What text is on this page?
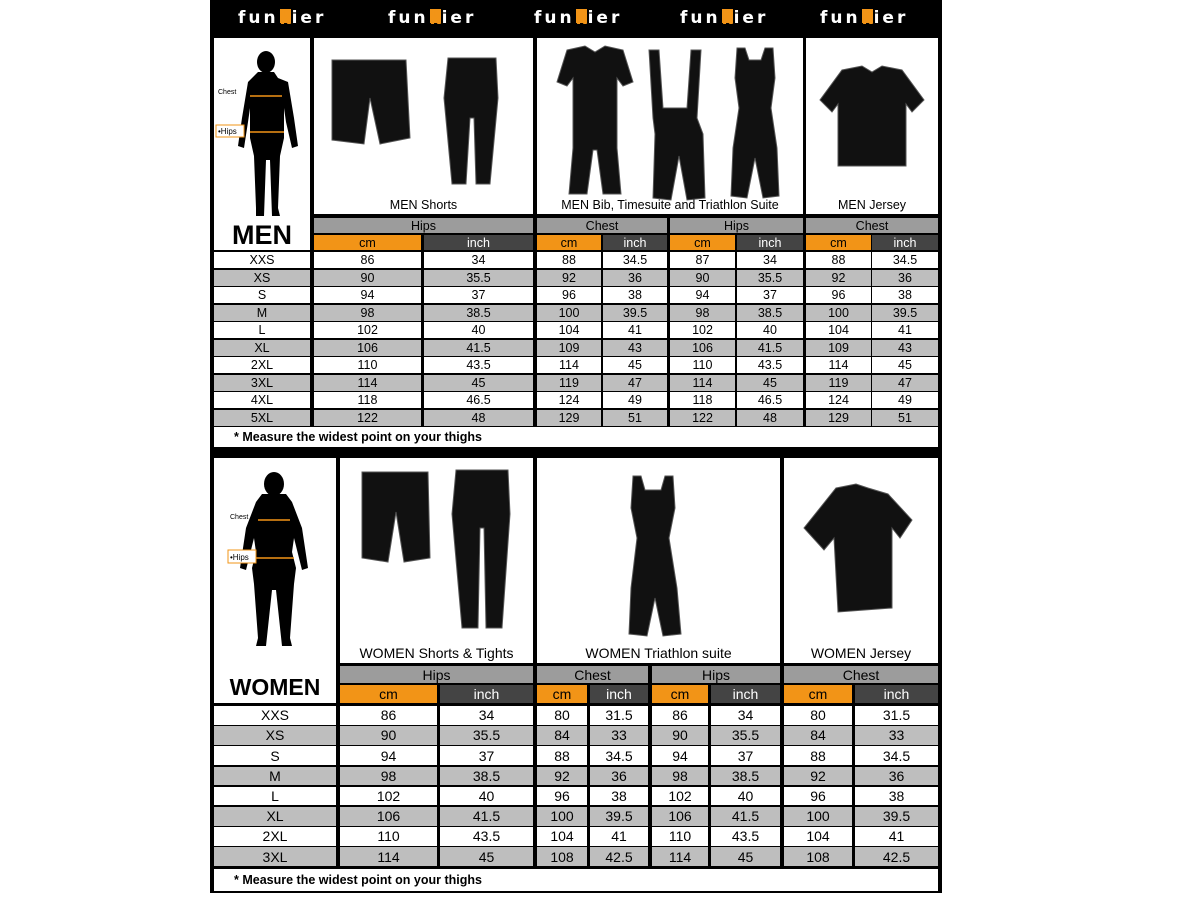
funkier	funkier	funkier	funkier	funkier
Chest
•Hips
MEN
MEN Shorts	MEN Bib, Timesuite and Triathlon Suite	MEN Jersey
Chest
•Hips
WOMEN
WOMEN Shorts & Tights	WOMEN Triathlon suite	WOMEN Jersey
Hips	Chest	Hips	Chest
cm	inch	cm	inch	cm	inch	cm	inch
XXS	86	34	88	34.5	87	34	88	34.5
XS	90	35.5	92	36	90	35.5	92	36
S	94	37	96	38	94	37	96	38
M	98	38.5	100	39.5	98	38.5	100	39.5
L	102	40	104	41	102	40	104	41
XL	106	41.5	109	43	106	41.5	109	43
2XL	110	43.5	114	45	110	43.5	114	45
3XL	114	45	119	47	114	45	119	47
4XL	118	46.5	124	49	118	46.5	124	49
5XL	122	48	129	51	122	48	129	51
Hips	Chest	Hips	Chest
cm	inch	cm	inch	cm	inch	cm	inch
XXS	86	34	80	31.5	86	34	80	31.5
XS	90	35.5	84	33	90	35.5	84	33
S	94	37	88	34.5	94	37	88	34.5
M	98	38.5	92	36	98	38.5	92	36
L	102	40	96	38	102	40	96	38
XL	106	41.5	100	39.5	106	41.5	100	39.5
2XL	110	43.5	104	41	110	43.5	104	41
3XL	114	45	108	42.5	114	45	108	42.5
* Measure the widest point on your thighs
* Measure the widest point on your thighs
